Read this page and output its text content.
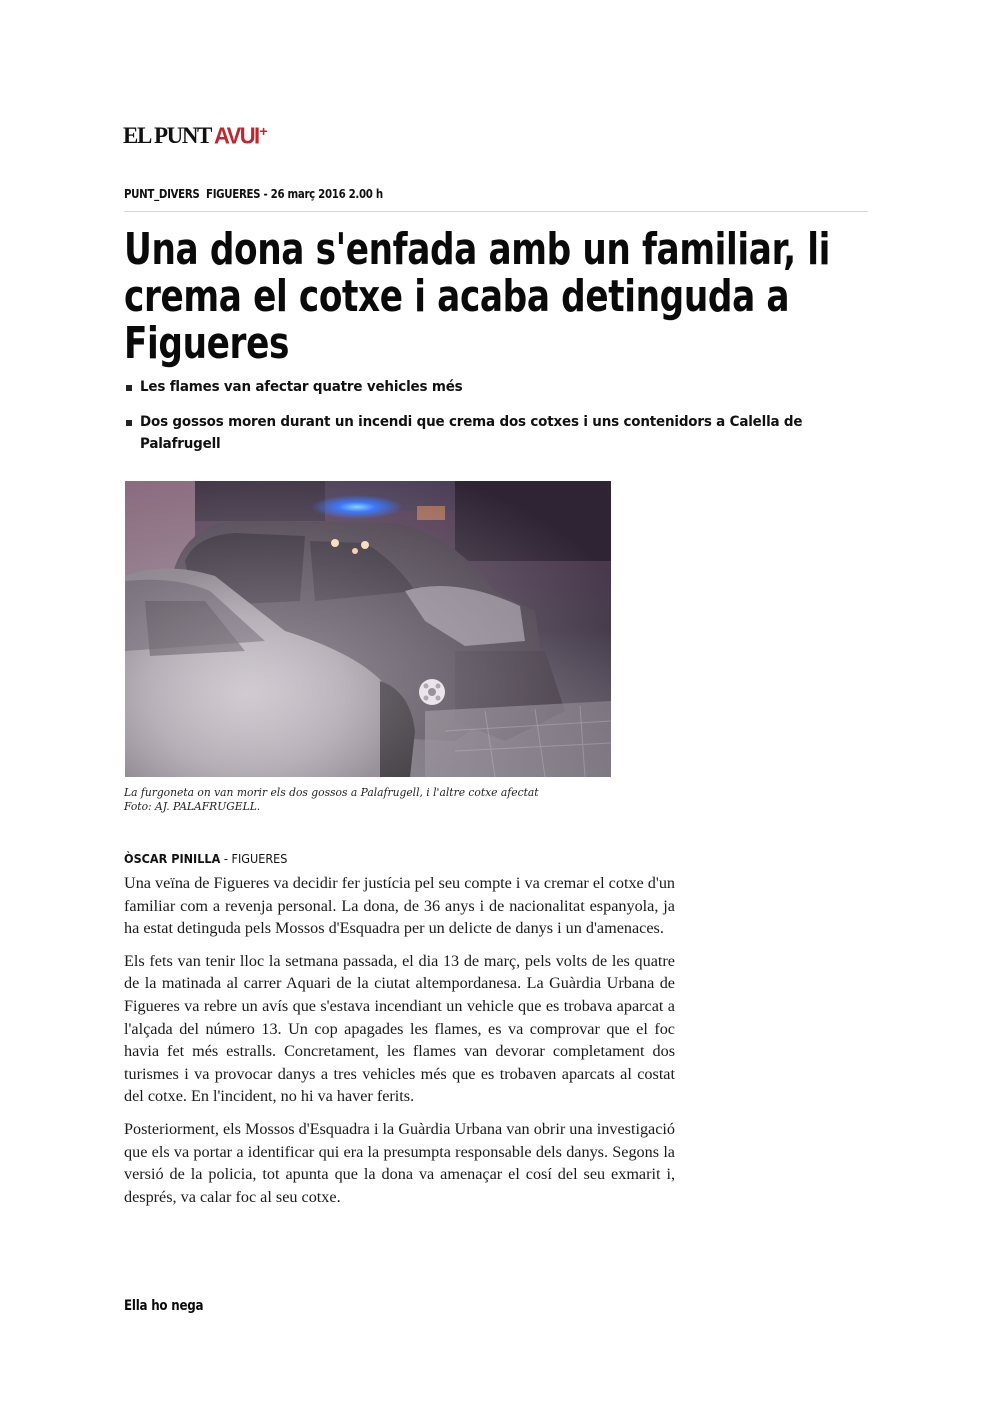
EL PUNT AVUI +
PUNT_DIVERS FIGUERES - 26 març 2016 2.00 h
Una dona s'enfada amb un familiar, li crema el cotxe i acaba detinguda a Figueres
Les flames van afectar quatre vehicles més
Dos gossos moren durant un incendi que crema dos cotxes i uns contenidors a Calella de Palafrugell
La furgoneta on van morir els dos gossos a Palafrugell, i l'altre cotxe afectat
Foto: AJ. PALAFRUGELL.
ÒSCAR PINILLA - FIGUERES

Una veïna de Figueres va decidir fer justícia pel seu compte i va cremar el cotxe d'un familiar com a revenja personal. La dona, de 36 anys i de nacionalitat espanyola, ja ha estat detinguda pels Mossos d'Esquadra per un delicte de danys i un d'amenaces.

Els fets van tenir lloc la setmana passada, el dia 13 de març, pels volts de les quatre de la matinada al carrer Aquari de la ciutat altempordanesa. La Guàrdia Urbana de Figueres va rebre un avís que s'estava incendiant un vehicle que es trobava aparcat a l'alçada del número 13. Un cop apagades les flames, es va comprovar que el foc havia fet més estralls. Concretament, les flames van devorar completament dos turismes i va provocar danys a tres vehicles més que es trobaven aparcats al costat del cotxe. En l'incident, no hi va haver ferits.

Posteriorment, els Mossos d'Esquadra i la Guàrdia Urbana van obrir una investigació que els va portar a identificar qui era la presumpta responsable dels danys. Segons la versió de la policia, tot apunta que la dona va amenaçar el cosí del seu exmarit i, després, va calar foc al seu cotxe.

Ella ho nega
